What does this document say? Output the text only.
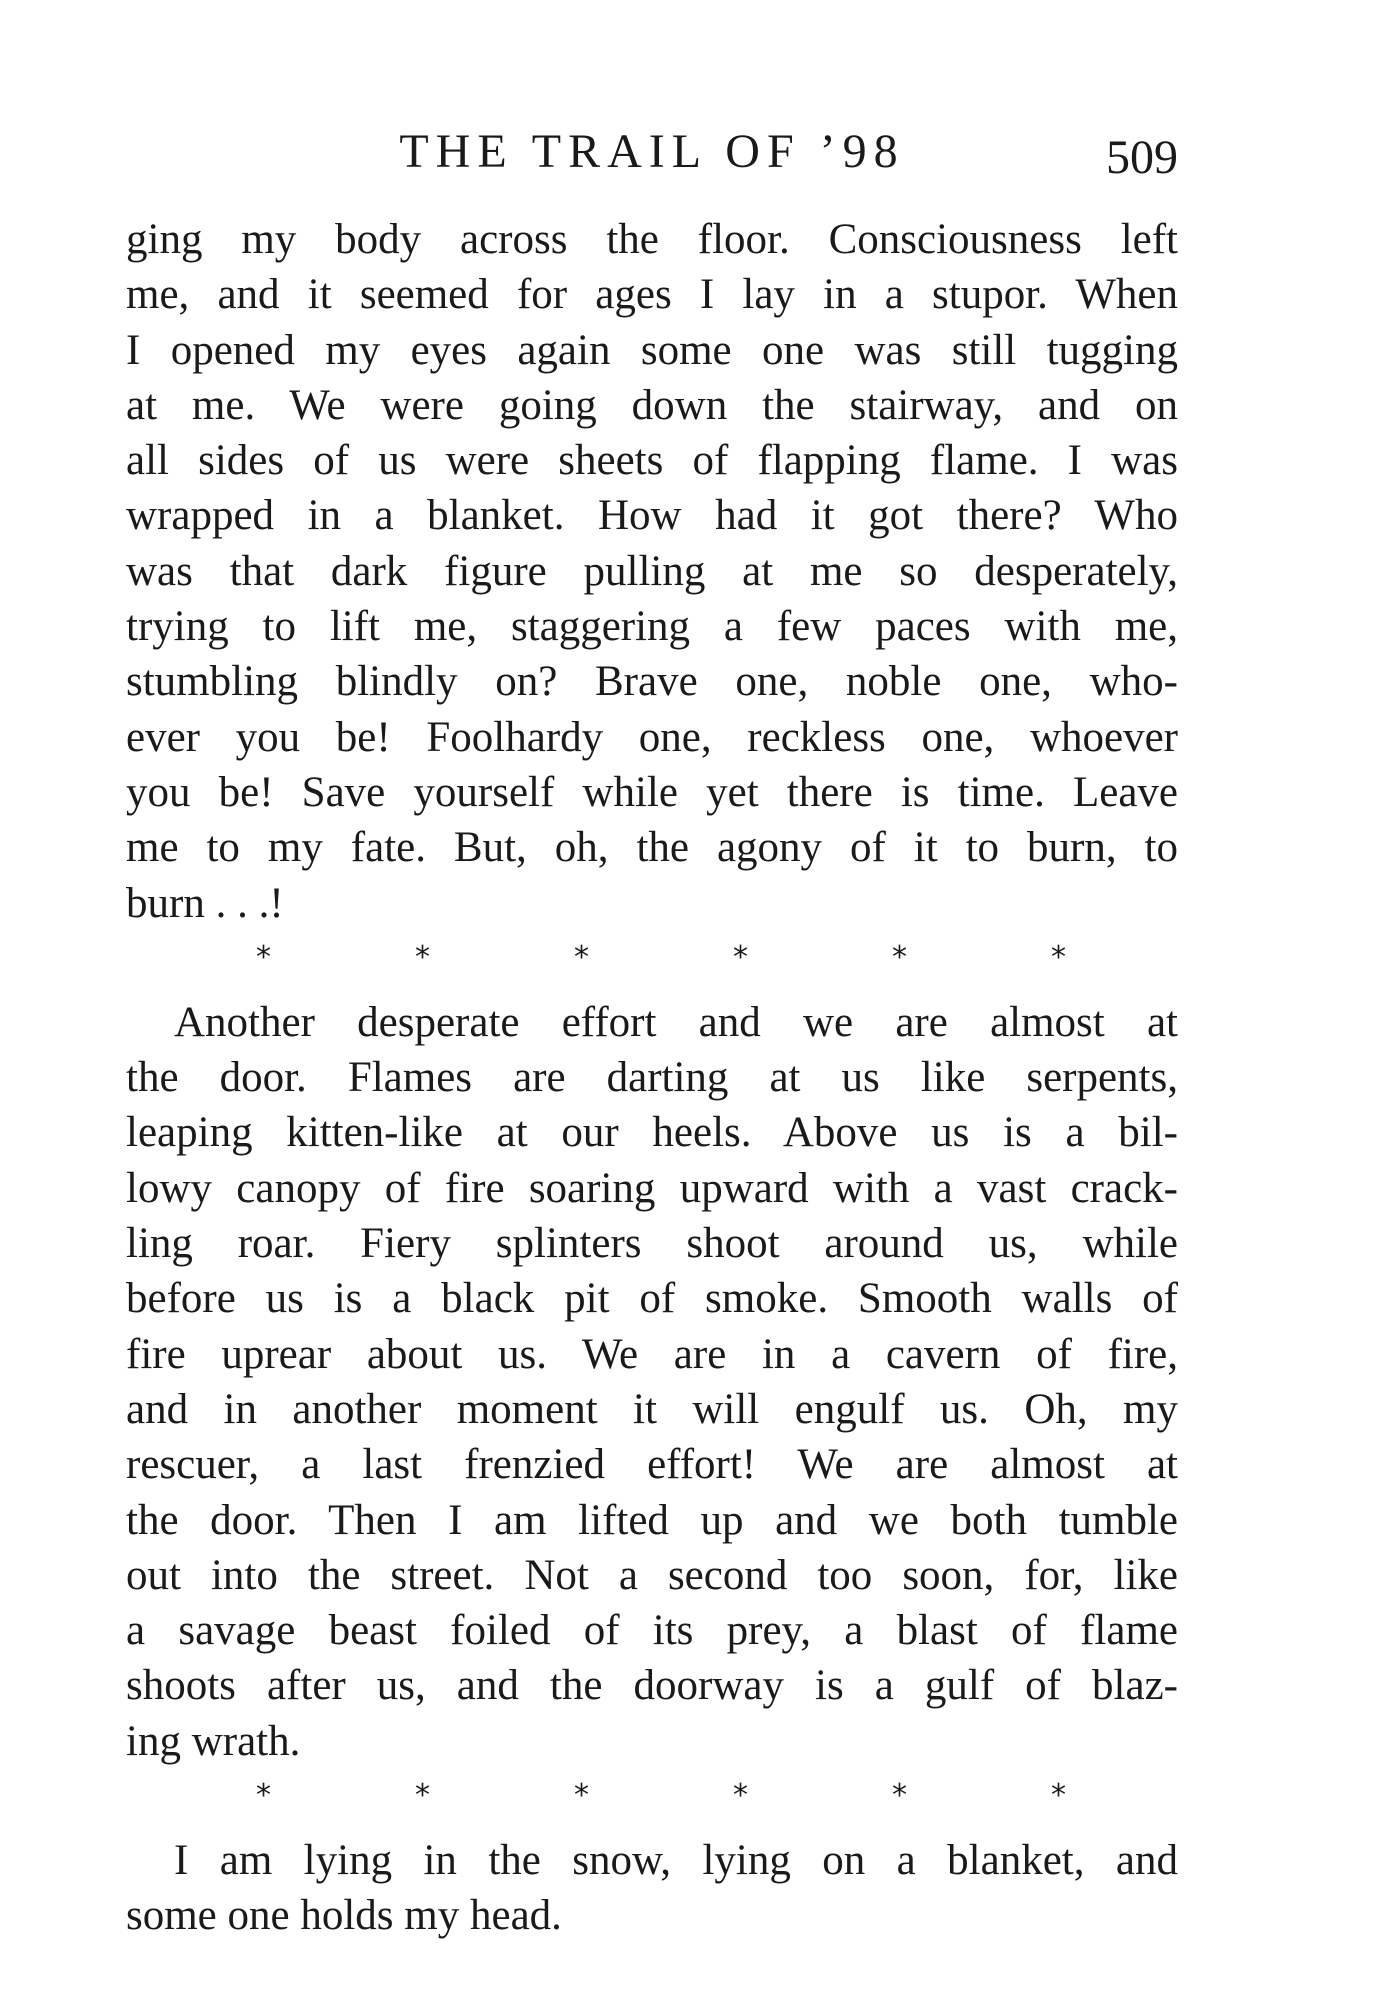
THE TRAIL OF ’98	509
ging my body across the floor. Consciousness left
me, and it seemed for ages I lay in a stupor. When
I opened my eyes again some one was still tugging
at me. We were going down the stairway, and on
all sides of us were sheets of flapping flame. I was
wrapped in a blanket. How had it got there? Who
was that dark figure pulling at me so desperately,
trying to lift me, staggering a few paces with me,
stumbling blindly on? Brave one, noble one, who-
ever you be! Foolhardy one, reckless one, whoever
you be! Save yourself while yet there is time. Leave
me to my fate. But, oh, the agony of it to burn, to
burn . . .!
*	*	*	*	*	*
Another desperate effort and we are almost at
the door. Flames are darting at us like serpents,
leaping kitten-like at our heels. Above us is a bil-
lowy canopy of fire soaring upward with a vast crack-
ling roar. Fiery splinters shoot around us, while
before us is a black pit of smoke. Smooth walls of
fire uprear about us. We are in a cavern of fire,
and in another moment it will engulf us. Oh, my
rescuer, a last frenzied effort! We are almost at
the door. Then I am lifted up and we both tumble
out into the street. Not a second too soon, for, like
a savage beast foiled of its prey, a blast of flame
shoots after us, and the doorway is a gulf of blaz-
ing wrath.
*	*	*	*	*	*
I am lying in the snow, lying on a blanket, and
some one holds my head.
